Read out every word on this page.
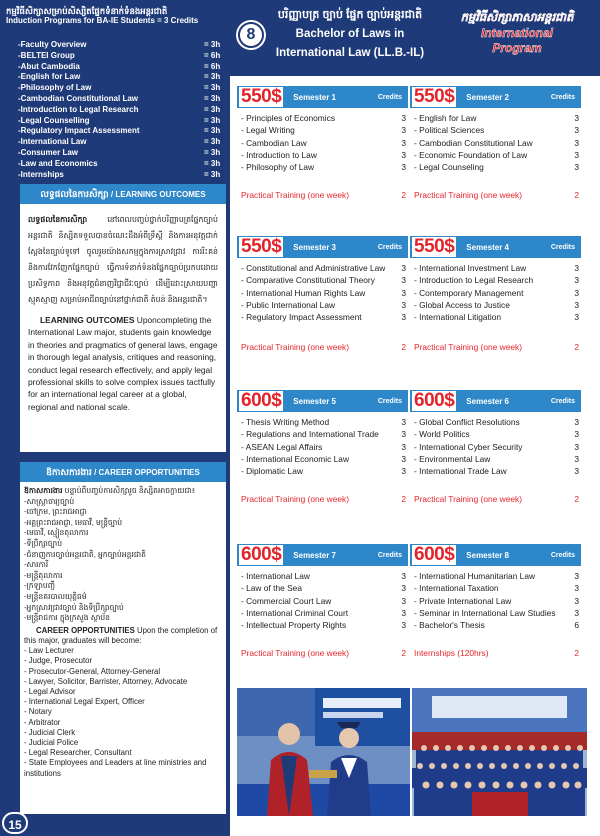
កម្មវិធីសិក្សាសម្រាប់សិស្សិតផ្នែកទំនាក់ទំនងអន្តរជាតិ
Induction Programs for BA-IE Students = 3 Credits
8
បរិញ្ញាបត្រ ច្បាប់ ផ្នែក ច្បាប់អន្តរជាតិ
Bachelor of Laws in
International Law (LL.B.-IL)
កម្មវិធីសិក្សាភាសាអន្តរជាតិ
International
Program
-Faculty Overview	= 3h
-BELTEI Group	= 6h
-Abut Cambodia	= 6h
-English for Law	= 3h
-Philosophy of Law	= 3h
-Cambodian Constitutional Law	= 3h
-Introduction to Legal Research	= 3h
-Legal Counselling	= 3h
-Regulatory Impact Assessment	= 3h
-International Law	= 3h
-Consumer Law	= 3h
-Law and Economics	= 3h
-Internships	= 3h
លទ្ធផលនៃការសិក្សា / LEARNING OUTCOMES
លទ្ធផលនៃការសិក្សា នៅពេលបញ្ចប់ថ្នាក់បរិញ្ញាបត្រផ្នែកច្បាប់អន្តរជាតិ និស្សិតទទួលបានចំណេះដឹងអំពីទ្រឹស្តី និងការអនុវត្តជាក់ស្តែងនៃច្បាប់ទូទៅ ចូលរួមយ៉ាងសកម្មក្នុងការស្រាវជ្រាវ ការរិះគន់ និងការវែកញែកផ្នែកច្បាប់ ធ្វើការទំនាក់ទំនងផ្នែកច្បាប់ប្រកបដោយប្រសិទ្ធភាព និងអនុវត្តជំនាញវិជ្ជាជីវៈច្បាប់ ដើម្បីដោះស្រាយបញ្ហាស្មុគស្មាញ សម្រាប់អាជីពច្បាប់នៅថ្នាក់ជាតិ តំបន់ និងអន្តរជាតិ។
LEARNING OUTCOMES Uponcompleting the International Law major, students gain knowledge in theories and pragmatics of general laws, engage in thorough legal analysis, critiques and reasoning, conduct legal research effectively, and apply legal professional skills to solve complex issues tactfully for an international legal career at a global, regional and national scale.
ឱកាសការងារ / CAREER OPPORTUNITIES
ឱកាសការងារ បន្ទាប់ពីបញ្ចប់ការសិក្សារួច និស្សិតអាចក្លាយជា៖
-សាស្ត្រាចារ្យច្បាប់
-ចៅក្រម, ព្រះរាជអាជ្ញា
-អគ្គព្រះរាជអាជ្ញា, មេធាវី, មន្ត្រីច្បាប់
-មេធាវី, ស្មៀនតុលាការ
-ទីប្រឹក្សាច្បាប់
-ជំនាញការច្បាប់អន្តរជាតិ, អ្នកច្បាប់អន្តរជាតិ
-សារការី
-មន្ត្រីតុលាការ
-ក្រឡាបញ្ជី
-មន្ត្រីនគរបាលយុត្តិធម៌
-អ្នកស្រាវជ្រាវច្បាប់ និងទីប្រឹក្សាច្បាប់
-មន្ត្រីរាជការ ក្នុងក្រសួង ស្ថាប័ន
CAREER OPPORTUNITIES Upon the completion of this major, graduates will become:
- Law Lecturer
- Judge, Prosecutor
- Prosecutor-General, Attorney-General
- Lawyer, Solicitor, Barrister, Attorney, Advocate
- Legal Advisor
- International Legal Expert, Officer
- Notary
- Arbitrator
- Judicial Clerk
- Judicial Police
- Legal Researcher, Consultant
- State Employees and Leaders at line ministries and institutions
15
550$ Semester 1	Credits
- Principles of Economics	3
- Legal Writing	3
- Cambodian Law	3
- Introduction to Law	3
- Philosophy of Law	3
Practical Training (one week)	2
550$ Semester 2	Credits
- English for Law	3
- Political Sciences	3
- Cambodian Constitutional Law	3
- Economic Foundation of Law	3
- Legal Counseling	3
Practical Training (one week)	2
550$ Semester 3	Credits
- Constitutional and Administrative Law	3
- Comparative Constitutional Theory	3
- International Human Rights Law	3
- Public International Law	3
- Regulatory Impact Assessment	3
Practical Training (one week)	2
550$ Semester 4	Credits
- International Investment Law	3
- Introduction to Legal Research	3
- Contemporary Management	3
- Global Access to Justice	3
- International Litigation	3
Practical Training (one week)	2
600$ Semester 5	Credits
- Thesis Writing Method	3
- Regulations and International Trade	3
- ASEAN Legal Affairs	3
- International Economic Law	3
- Diplomatic Law	3
Practical Training (one week)	2
600$ Semester 6	Credits
- Global Conflict Resolutions	3
- World Politics	3
- International Cyber Security	3
- Environmental Law	3
- International Trade Law	3
Practical Training (one week)	2
600$ Semester 7	Credits
- International Law	3
- Law of the Sea	3
- Commercial Court Law	3
- International Criminal Court	3
- Intellectual Property Rights	3
Practical Training (one week)	2
600$ Semester 8	Credits
- International Humanitarian Law	3
- International Taxation	3
- Private International Law	3
- Seminar in International Law Studies	3
- Bachelor's Thesis	6
Internships (120hrs)	2
